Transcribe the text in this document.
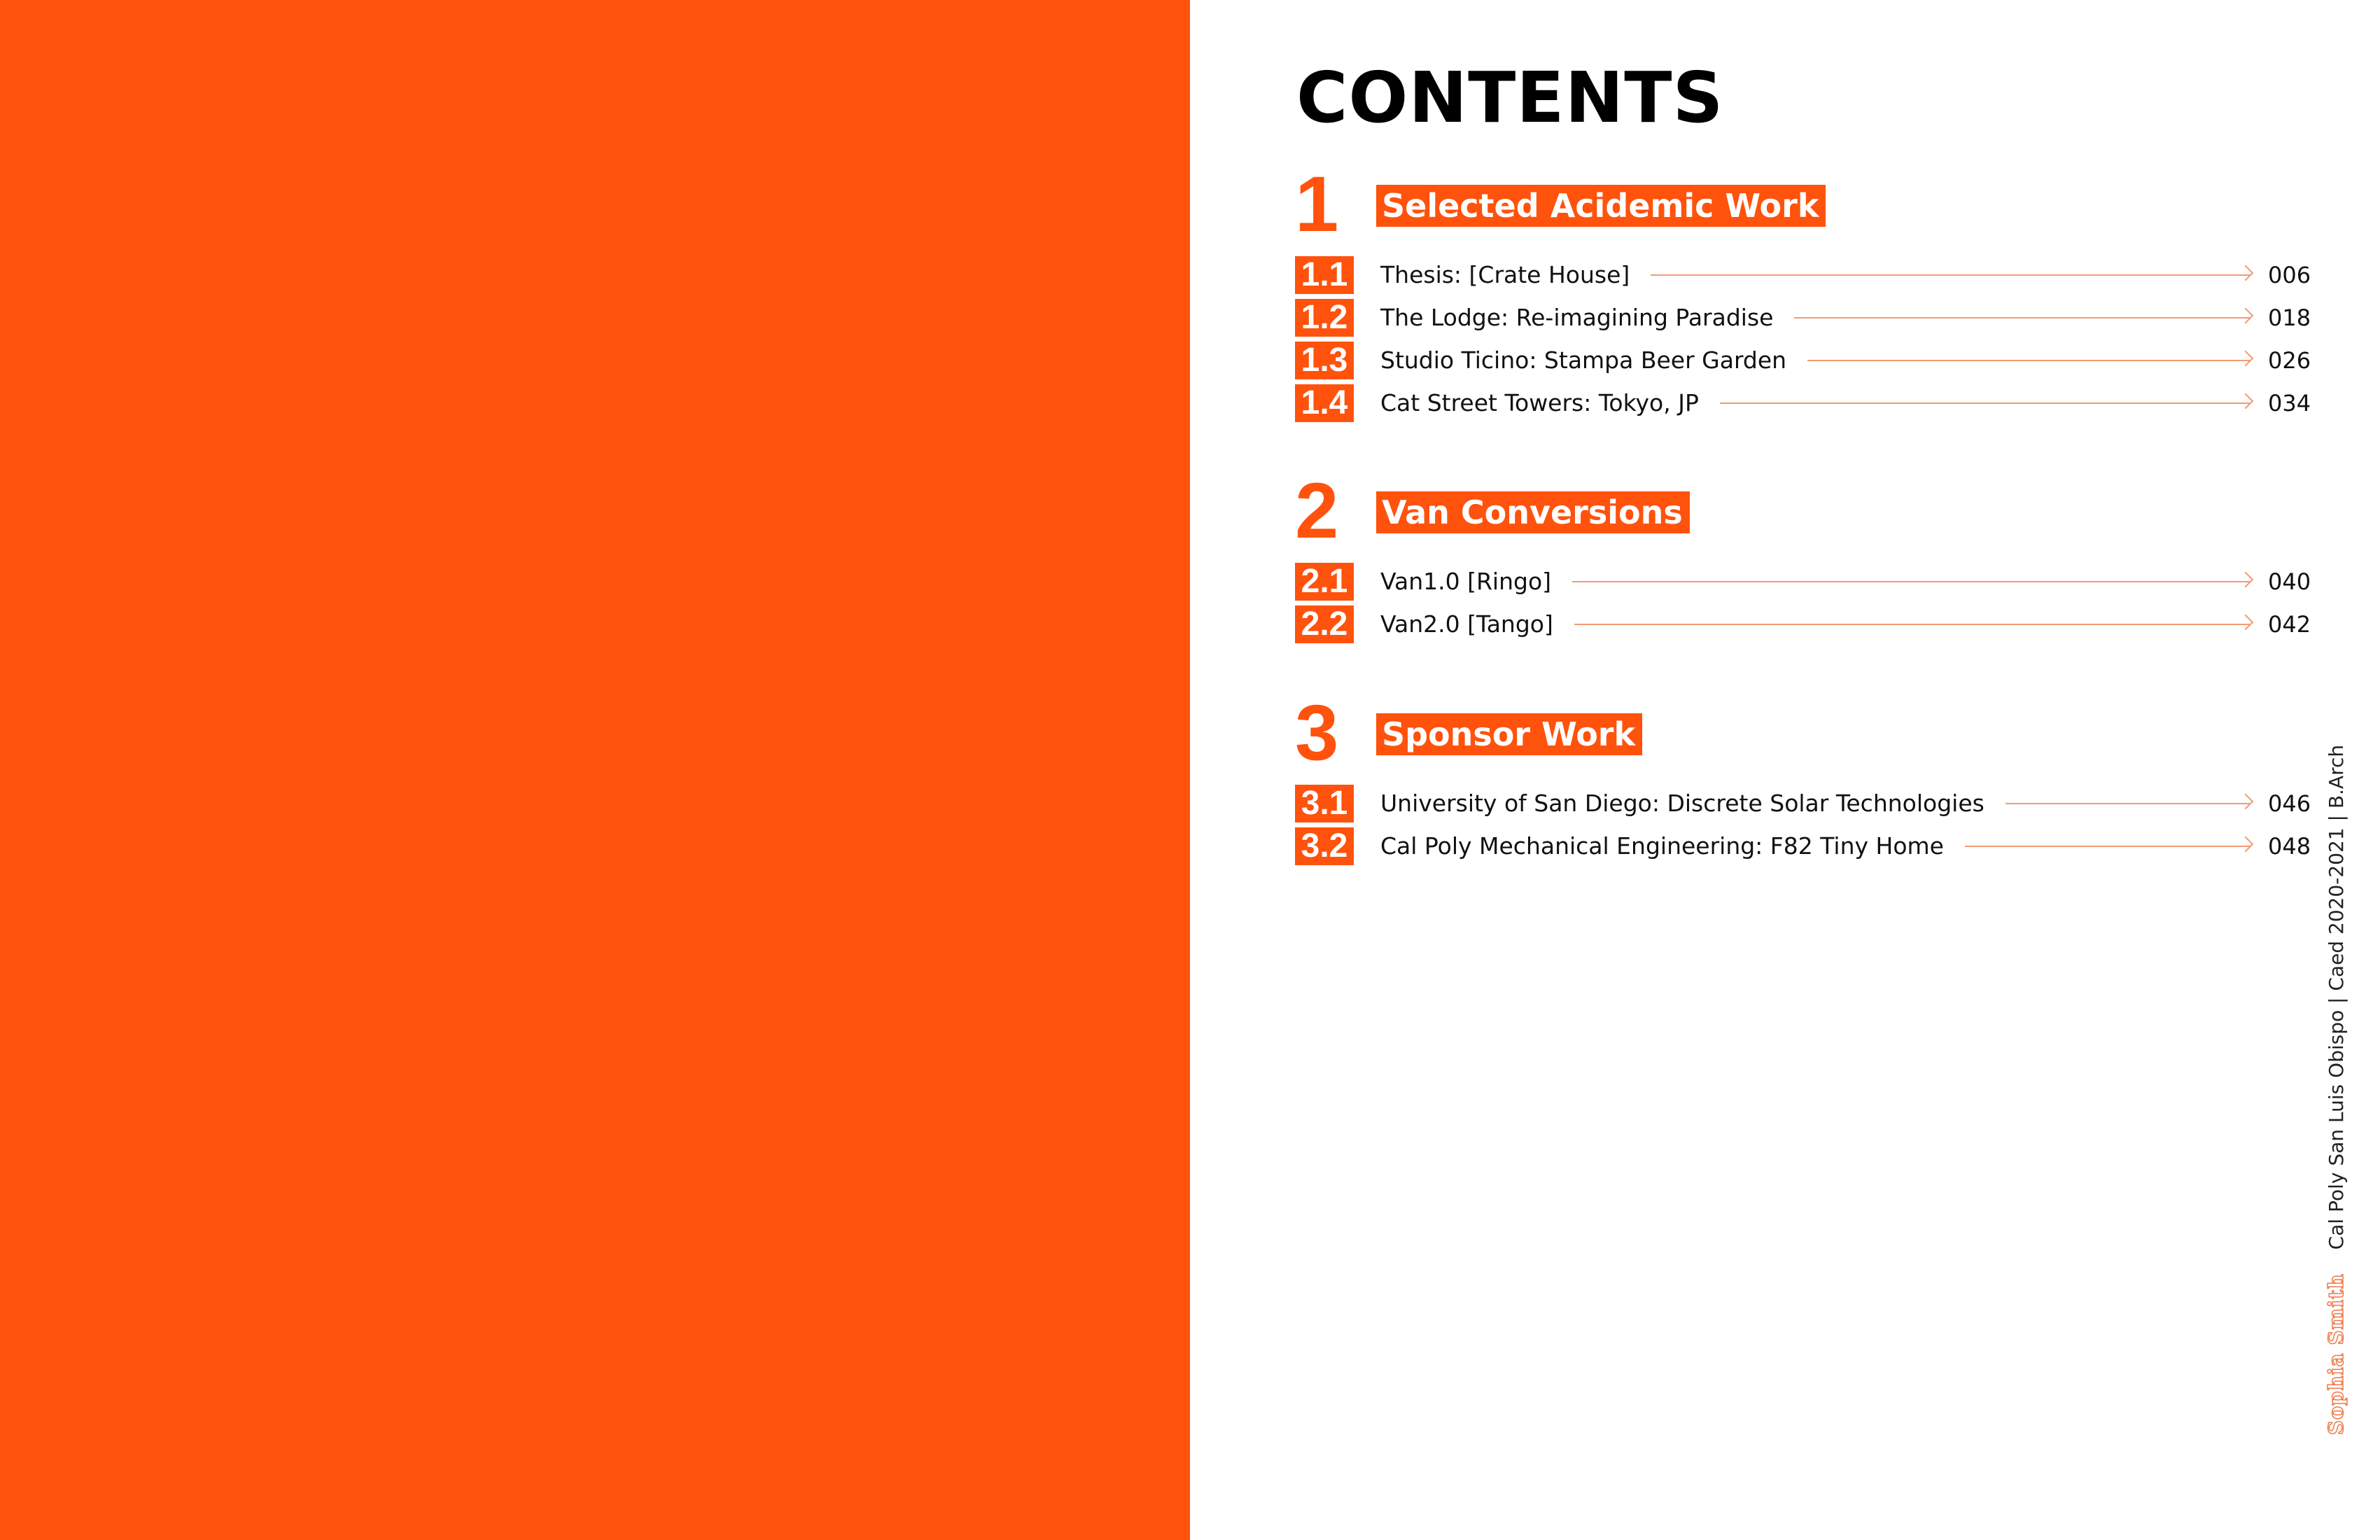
CONTENTS
1 Selected Acidemic Work
1.1 Thesis: [Crate House]	006
1.2 The Lodge: Re-imagining Paradise	018
1.3 Studio Ticino: Stampa Beer Garden	026
1.4 Cat Street Towers: Tokyo, JP	034
2 Van Conversions
2.1 Van1.0 [Ringo]	040
2.2 Van2.0 [Tango]	042
3 Sponsor Work
3.1 University of San Diego: Discrete Solar Technologies	046
3.2 Cal Poly Mechanical Engineering: F82 Tiny Home	048
Sophia SmithCal Poly San Luis Obispo | Caed 2020-2021 | B.Arch
